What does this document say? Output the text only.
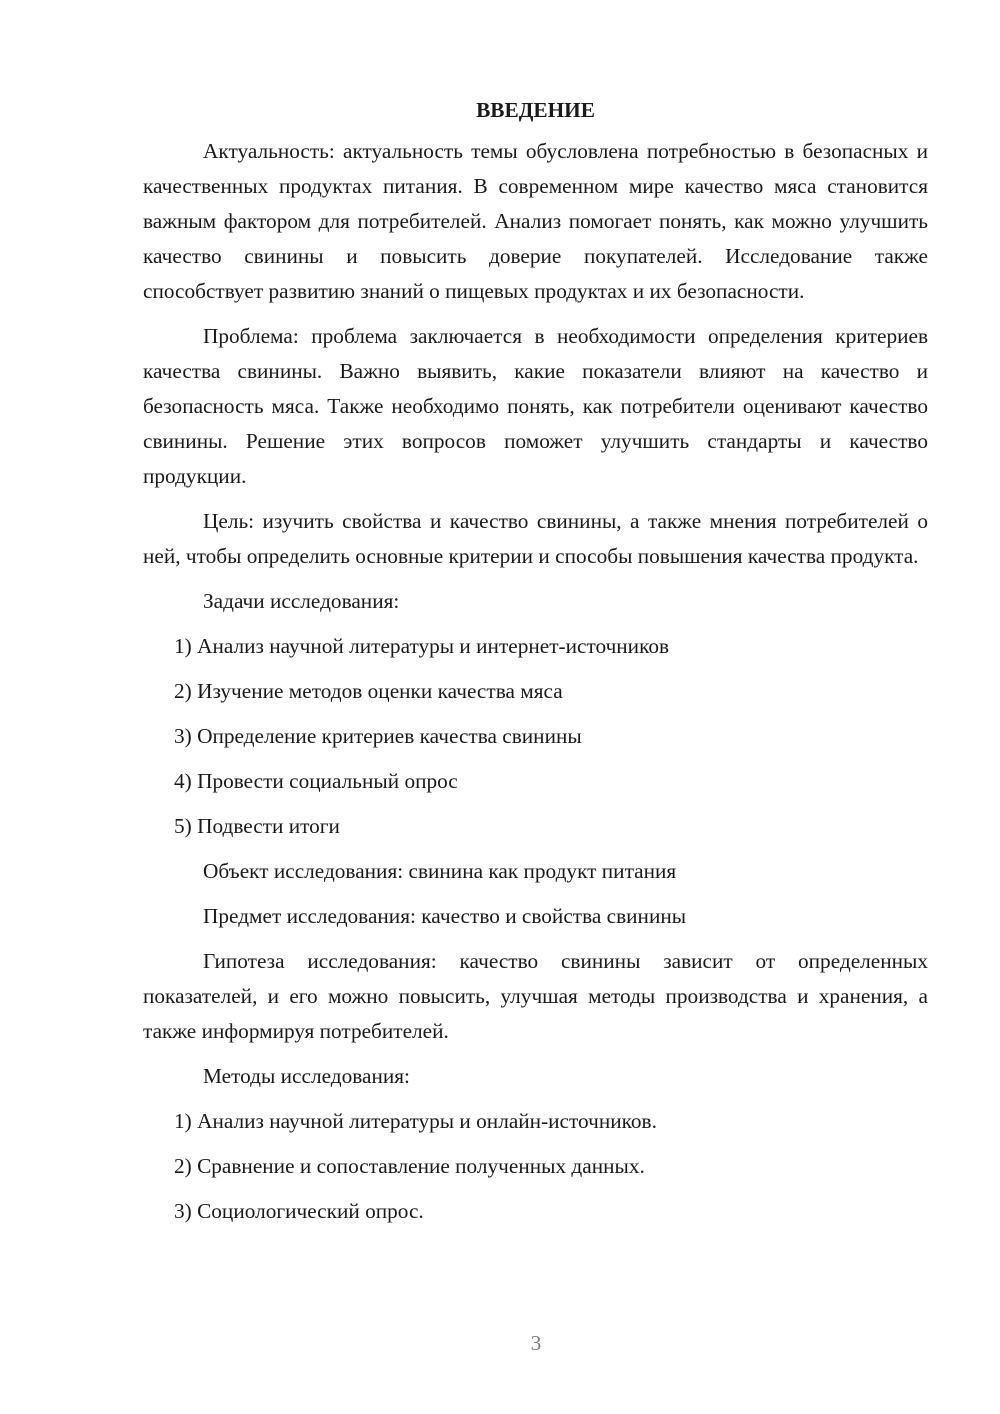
ВВЕДЕНИЕ

Актуальность: актуальность темы обусловлена потребностью в безопасных и качественных продуктах питания. В современном мире качество мяса становится важным фактором для потребителей. Анализ помогает понять, как можно улучшить качество свинины и повысить доверие покупателей. Исследование также способствует развитию знаний о пищевых продуктах и их безопасности.

Проблема: проблема заключается в необходимости определения критериев качества свинины. Важно выявить, какие показатели влияют на качество и безопасность мяса. Также необходимо понять, как потребители оценивают качество свинины. Решение этих вопросов поможет улучшить стандарты и качество продукции.

Цель: изучить свойства и качество свинины, а также мнения потребителей о ней, чтобы определить основные критерии и способы повышения качества продукта.

Задачи исследования:
1) Анализ научной литературы и интернет-источников
2) Изучение методов оценки качества мяса
3) Определение критериев качества свинины
4) Провести социальный опрос
5) Подвести итоги
Объект исследования: свинина как продукт питания
Предмет исследования: качество и свойства свинины

Гипотеза исследования: качество свинины зависит от определенных показателей, и его можно повысить, улучшая методы производства и хранения, а также информируя потребителей.

Методы исследования:
1) Анализ научной литературы и онлайн-источников.
2) Сравнение и сопоставление полученных данных.
3) Социологический опрос.
3
